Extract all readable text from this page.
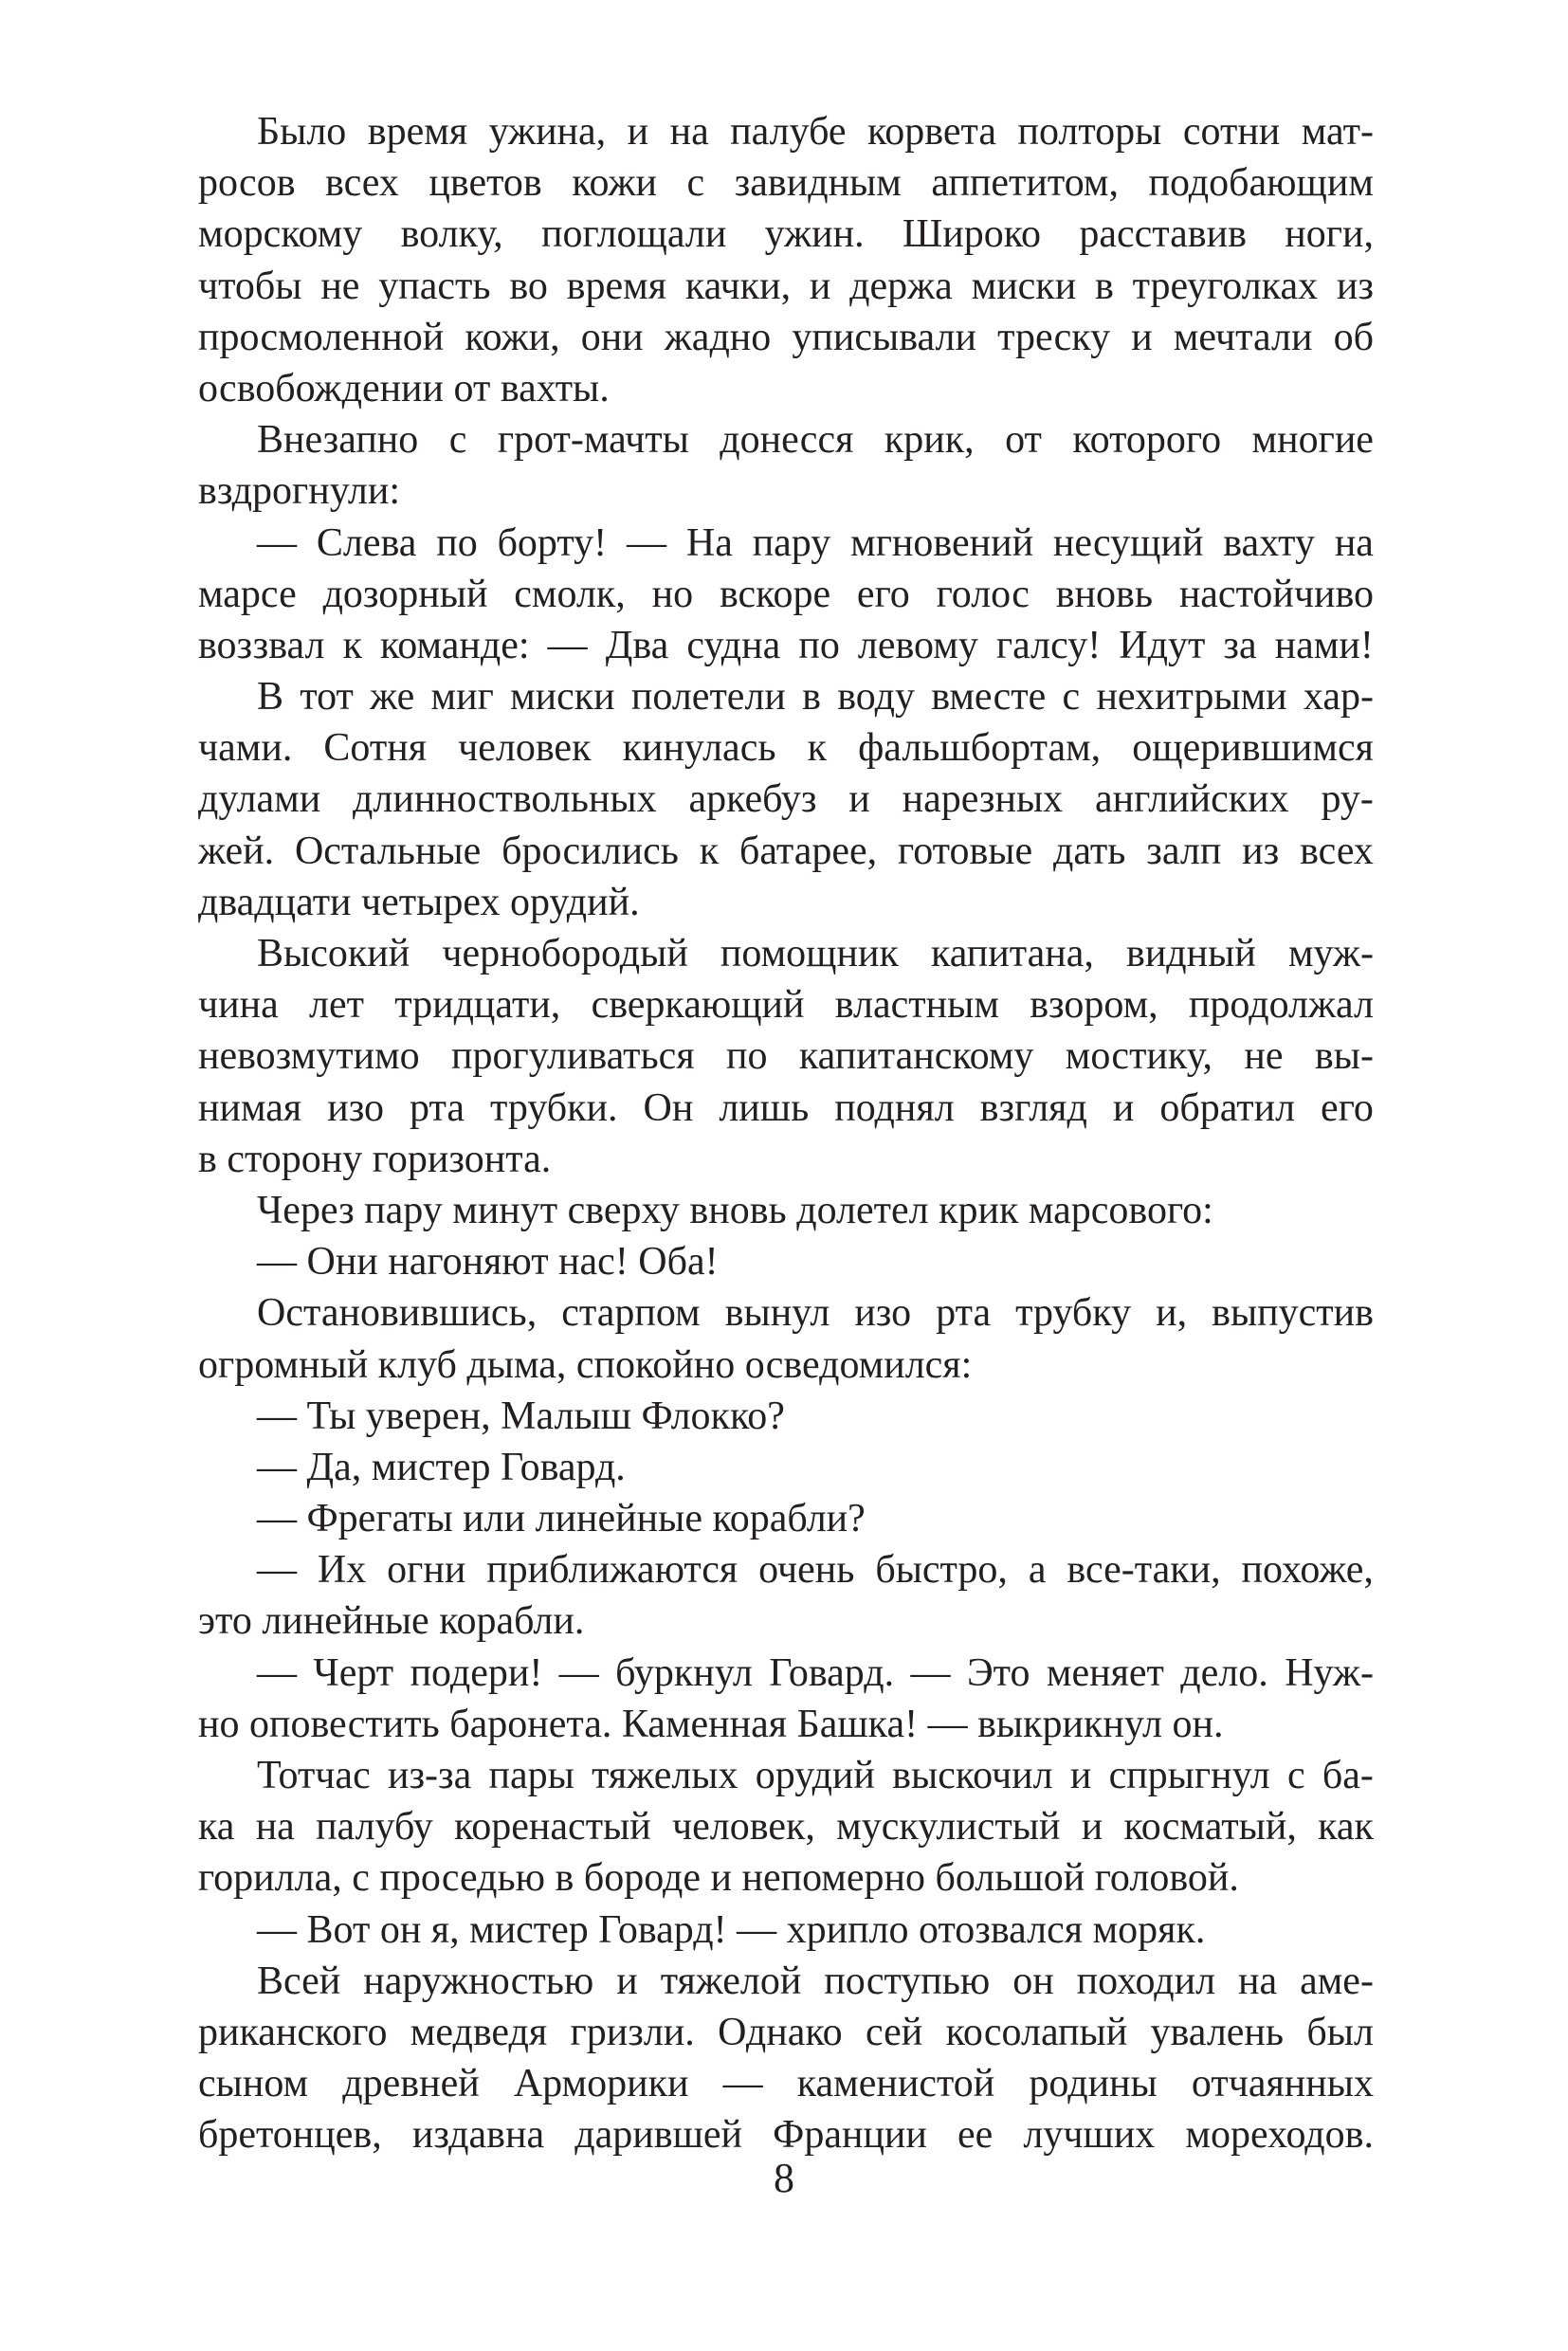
Было время ужина, и на палубе корвета полторы сотни мат-
росов всех цветов кожи с завидным аппетитом, подобающим
морскому волку, поглощали ужин. Широко расставив ноги,
чтобы не упасть во время качки, и держа миски в треуголках из
просмоленной кожи, они жадно уписывали треску и мечтали об
освобождении от вахты.
Внезапно с грот-мачты донесся крик, от которого многие
вздрогнули:
— Слева по борту! — На пару мгновений несущий вахту на
марсе дозорный смолк, но вскоре его голос вновь настойчиво
воззвал к команде: — Два судна по левому галсу! Идут за нами!
В тот же миг миски полетели в воду вместе с нехитрыми хар-
чами. Сотня человек кинулась к фальшбортам, ощерившимся
дулами длинноствольных аркебуз и нарезных английских ру-
жей. Остальные бросились к батарее, готовые дать залп из всех
двадцати четырех орудий.
Высокий чернобородый помощник капитана, видный муж-
чина лет тридцати, сверкающий властным взором, продолжал
невозмутимо прогуливаться по капитанскому мостику, не вы-
нимая изо рта трубки. Он лишь поднял взгляд и обратил его
в сторону горизонта.
Через пару минут сверху вновь долетел крик марсового:
— Они нагоняют нас! Оба!
Остановившись, старпом вынул изо рта трубку и, выпустив
огромный клуб дыма, спокойно осведомился:
— Ты уверен, Малыш Флокко?
— Да, мистер Говард.
— Фрегаты или линейные корабли?
— Их огни приближаются очень быстро, а все-таки, похоже,
это линейные корабли.
— Черт подери! — буркнул Говард. — Это меняет дело. Нуж-
но оповестить баронета. Каменная Башка! — выкрикнул он.
Тотчас из-за пары тяжелых орудий выскочил и спрыгнул с ба-
ка на палубу коренастый человек, мускулистый и косматый, как
горилла, с проседью в бороде и непомерно большой головой.
— Вот он я, мистер Говард! — хрипло отозвался моряк.
Всей наружностью и тяжелой поступью он походил на аме-
риканского медведя гризли. Однако сей косолапый увалень был
сыном древней Арморики — каменистой родины отчаянных
бретонцев, издавна дарившей Франции ее лучших мореходов.
8
